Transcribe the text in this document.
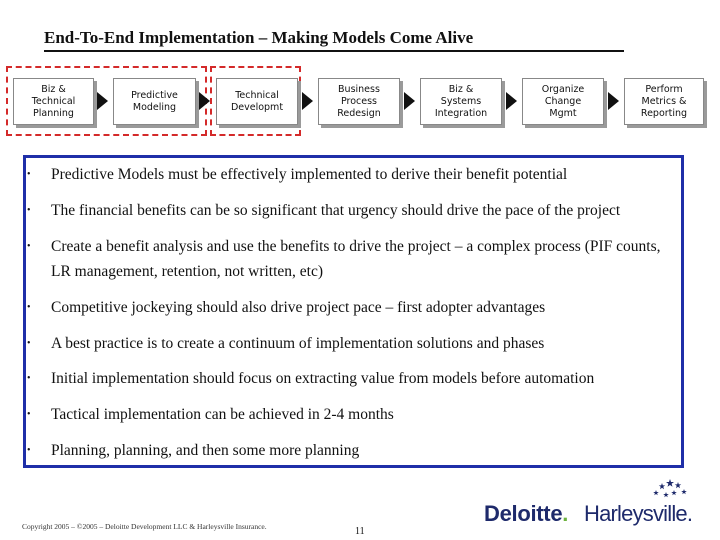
End-To-End Implementation – Making Models Come Alive
Biz &
Technical
Planning
Predictive
Modeling
Technical
Developmt
Business
Process
Redesign
Biz &
Systems
Integration
Organize
Change
Mgmt
Perform
Metrics &
Reporting
•	Predictive Models must be effectively implemented to derive their benefit potential
•	The financial benefits can be so significant that urgency should drive the pace of the project
•	Create a benefit analysis and use the benefits to drive the project – a complex process (PIF counts, LR management, retention, not written, etc)
•	Competitive jockeying should also drive project pace – first adopter advantages
•	A best practice is to create a continuum of implementation solutions and phases
•	Initial implementation should focus on extracting value from models before automation
•	Tactical implementation can be achieved in 2-4 months
•	Planning, planning, and then some more planning
Copyright 2005 – ©2005 – Deloitte Development LLC & Harleysville Insurance.	11
Deloitte. Harleysville.
